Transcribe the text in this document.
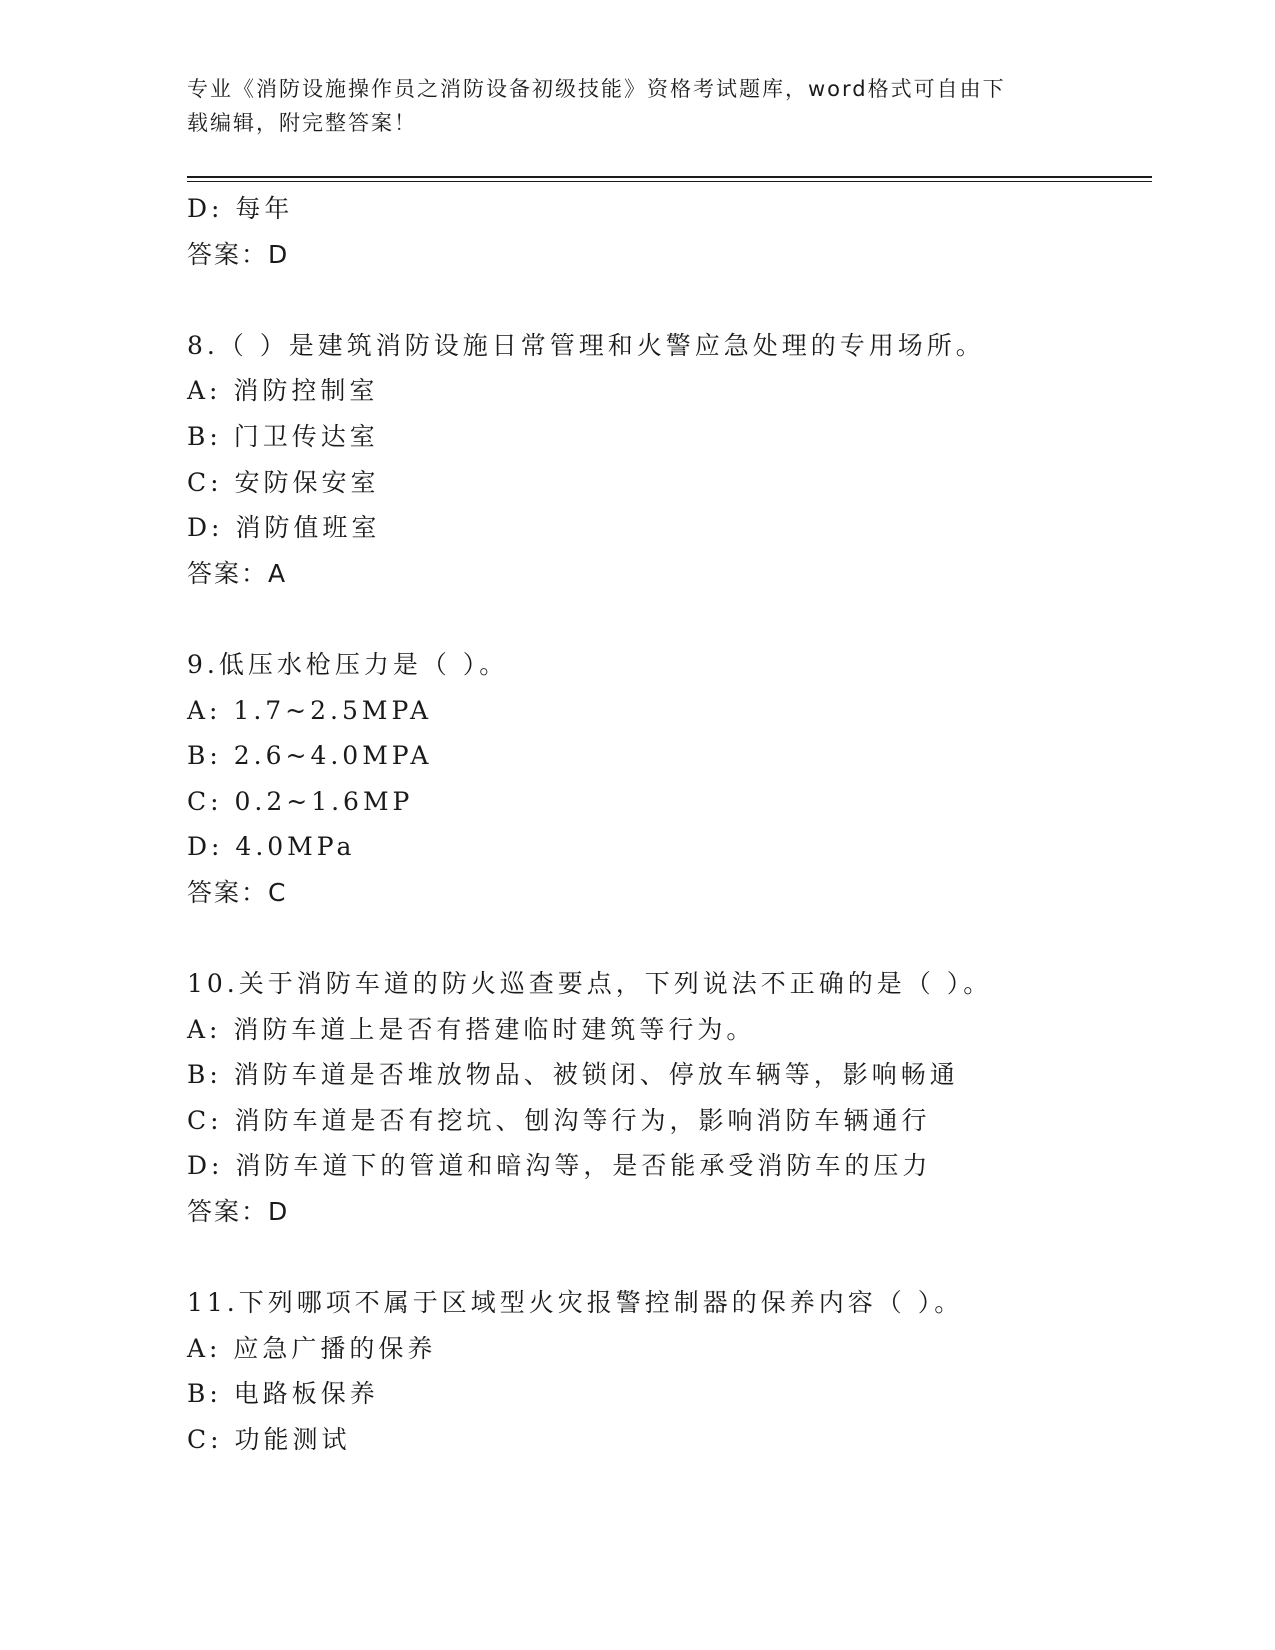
专业《消防设施操作员之消防设备初级技能》资格考试题库，word格式可自由下
载编辑，附完整答案！
D: 每年
答案：D
8.（ ）是建筑消防设施日常管理和火警应急处理的专用场所。
A: 消防控制室
B: 门卫传达室
C: 安防保安室
D: 消防值班室
答案：A
9.低压水枪压力是（ ）。
A: 1.7~2.5MPA
B: 2.6~4.0MPA
C: 0.2~1.6MP
D: 4.0MPa
答案：C
10.关于消防车道的防火巡查要点，下列说法不正确的是（ ）。
A: 消防车道上是否有搭建临时建筑等行为。
B: 消防车道是否堆放物品、被锁闭、停放车辆等，影响畅通
C: 消防车道是否有挖坑、刨沟等行为，影响消防车辆通行
D: 消防车道下的管道和暗沟等，是否能承受消防车的压力
答案：D
11.下列哪项不属于区域型火灾报警控制器的保养内容（ ）。
A: 应急广播的保养
B: 电路板保养
C: 功能测试
